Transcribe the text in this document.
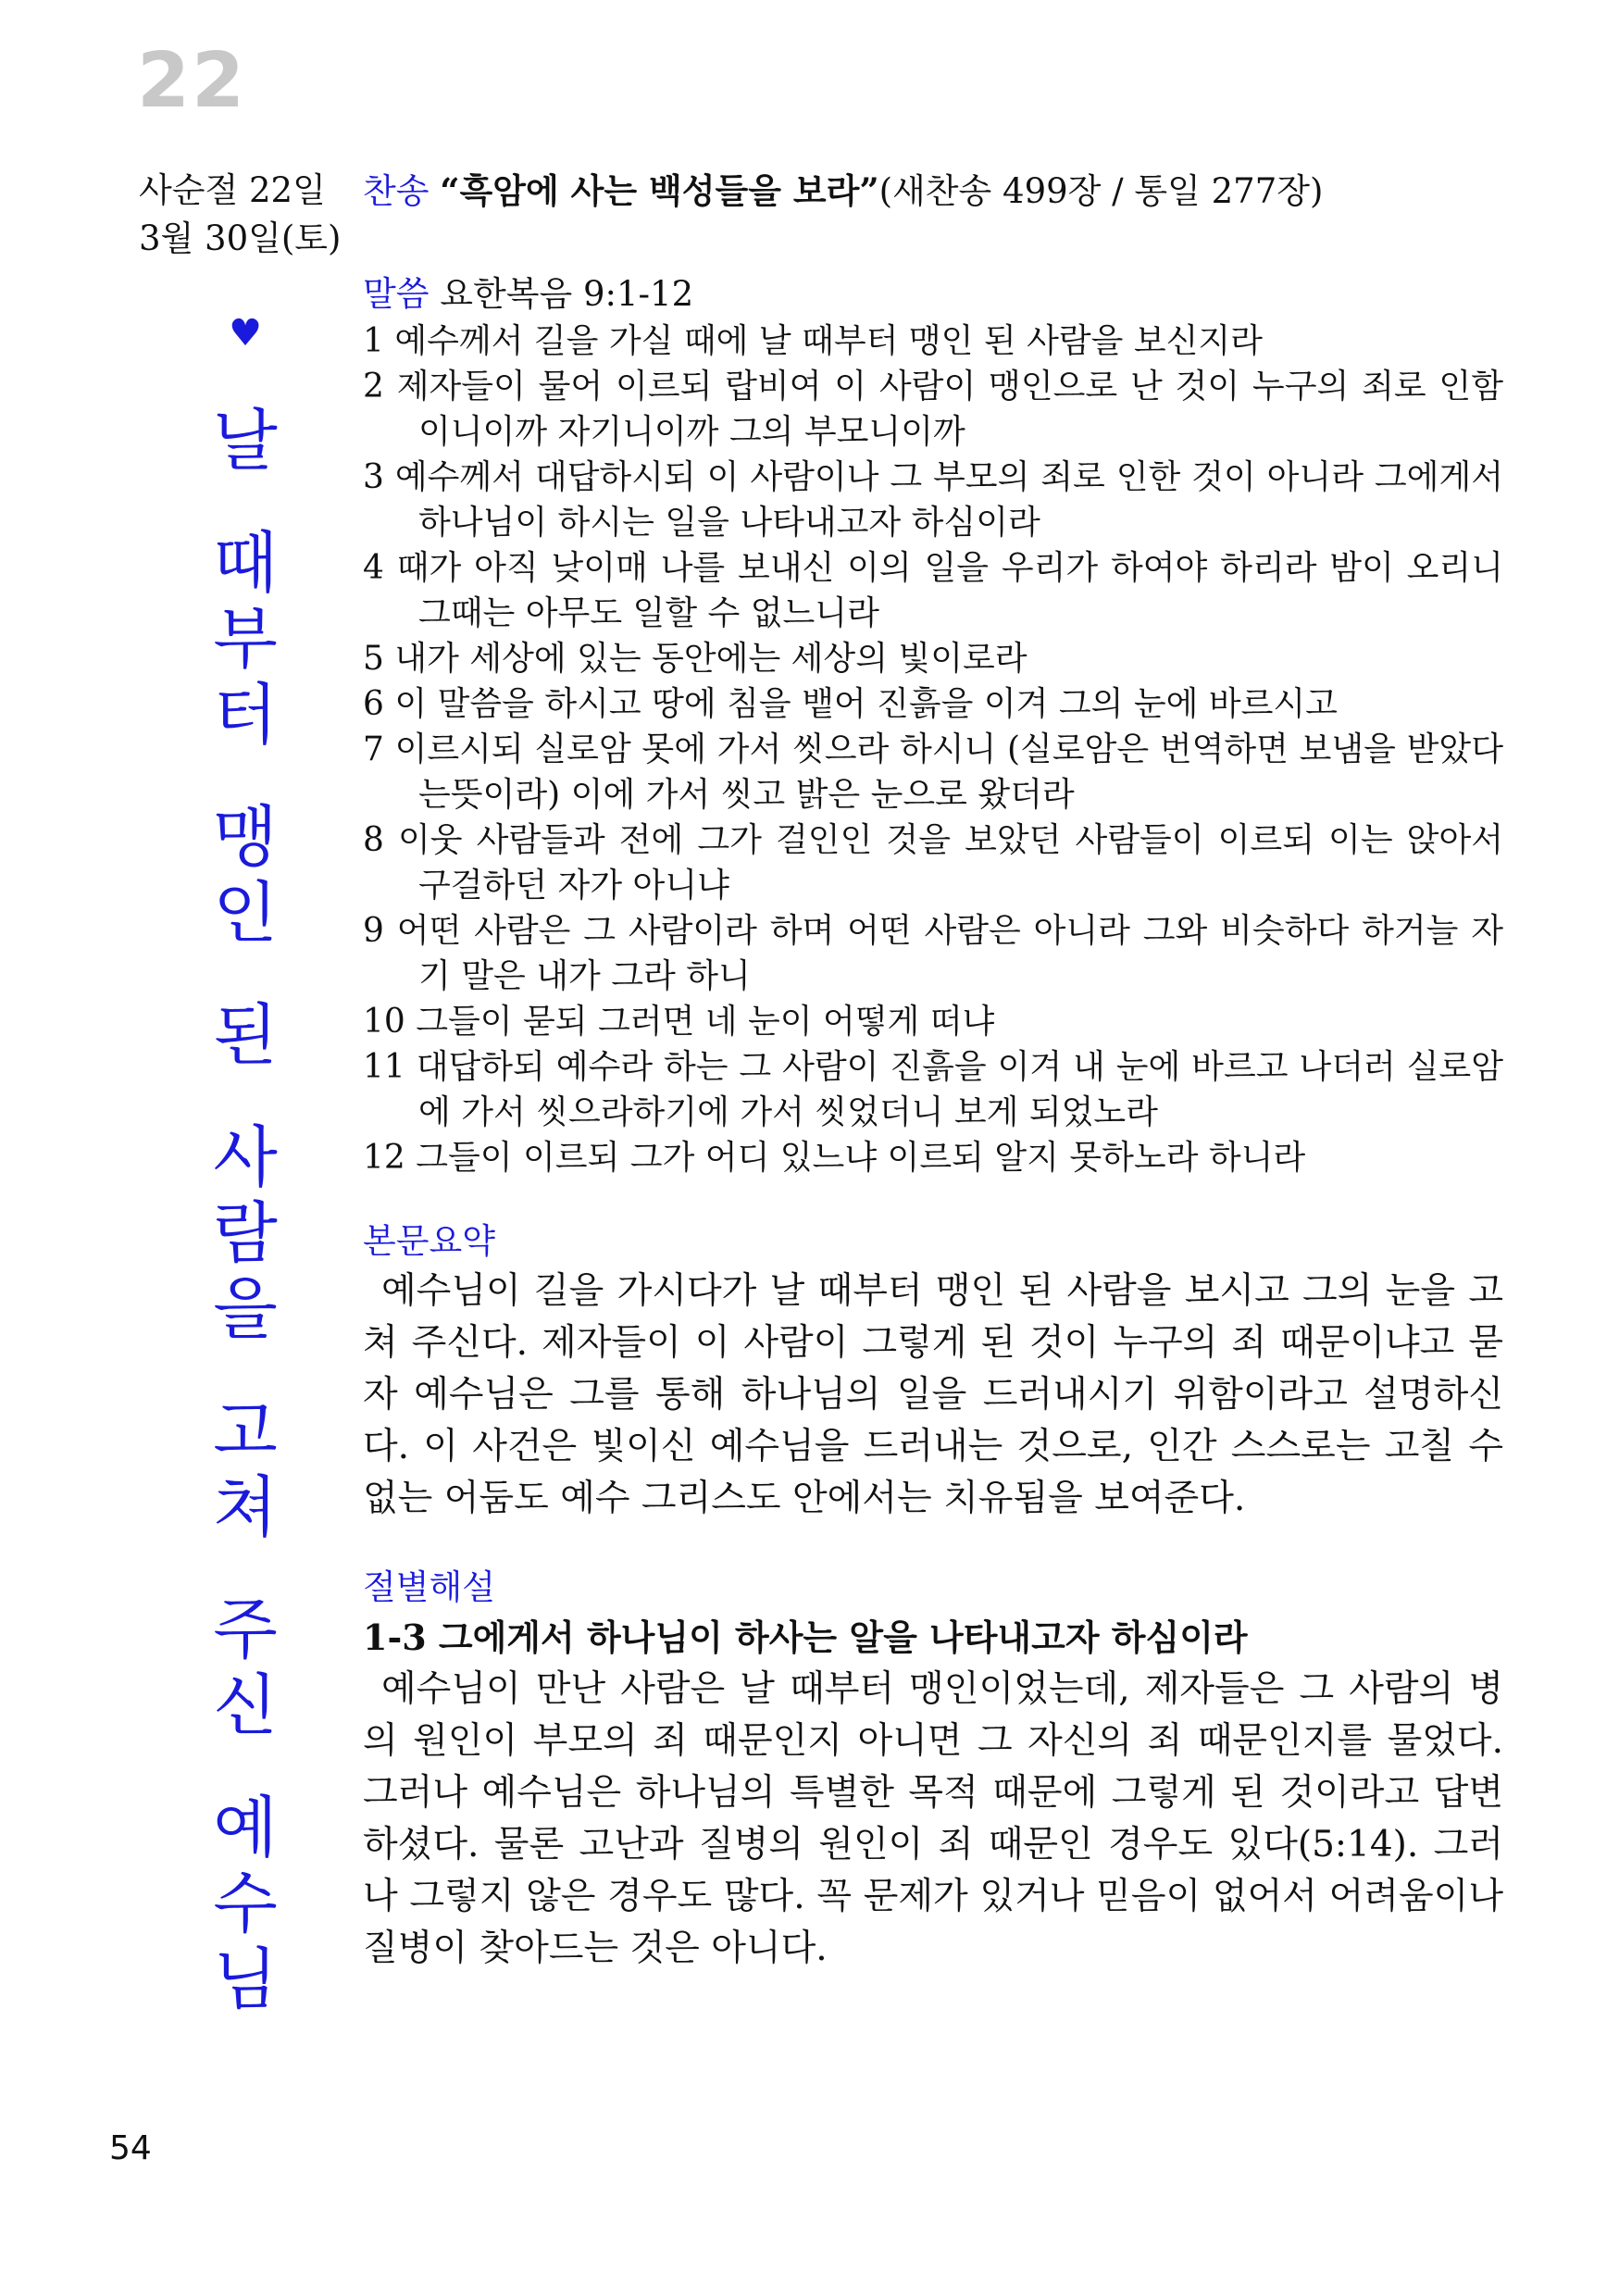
22
사순절 22일
3월 30일(토)
찬송 “흑암에 사는 백성들을 보라”(새찬송 499장 / 통일 277장)
♥
날
때
부
터
맹
인
된
사
람
을
고
쳐
주
신
예
수
님
말씀 요한복음 9:1-12
1 예수께서 길을 가실 때에 날 때부터 맹인 된 사람을 보신지라
2 제자들이 물어 이르되 랍비여 이 사람이 맹인으로 난 것이 누구의 죄로 인함이니이까 자기니이까 그의 부모니이까
3 예수께서 대답하시되 이 사람이나 그 부모의 죄로 인한 것이 아니라 그에게서 하나님이 하시는 일을 나타내고자 하심이라
4 때가 아직 낮이매 나를 보내신 이의 일을 우리가 하여야 하리라 밤이 오리니 그때는 아무도 일할 수 없느니라
5 내가 세상에 있는 동안에는 세상의 빛이로라
6 이 말씀을 하시고 땅에 침을 뱉어 진흙을 이겨 그의 눈에 바르시고
7 이르시되 실로암 못에 가서 씻으라 하시니 (실로암은 번역하면 보냄을 받았다는뜻이라) 이에 가서 씻고 밝은 눈으로 왔더라
8 이웃 사람들과 전에 그가 걸인인 것을 보았던 사람들이 이르되 이는 앉아서 구걸하던 자가 아니냐
9 어떤 사람은 그 사람이라 하며 어떤 사람은 아니라 그와 비슷하다 하거늘 자기 말은 내가 그라 하니
10 그들이 묻되 그러면 네 눈이 어떻게 떠냐
11 대답하되 예수라 하는 그 사람이 진흙을 이겨 내 눈에 바르고 나더러 실로암에 가서 씻으라하기에 가서 씻었더니 보게 되었노라
12 그들이 이르되 그가 어디 있느냐 이르되 알지 못하노라 하니라
본문요약
예수님이 길을 가시다가 날 때부터 맹인 된 사람을 보시고 그의 눈을 고쳐 주신다. 제자들이 이 사람이 그렇게 된 것이 누구의 죄 때문이냐고 묻자 예수님은 그를 통해 하나님의 일을 드러내시기 위함이라고 설명하신다. 이 사건은 빛이신 예수님을 드러내는 것으로, 인간 스스로는 고칠 수 없는 어둠도 예수 그리스도 안에서는 치유됨을 보여준다.
절별해설
1-3 그에게서 하나님이 하사는 알을 나타내고자 하심이라
예수님이 만난 사람은 날 때부터 맹인이었는데, 제자들은 그 사람의 병의 원인이 부모의 죄 때문인지 아니면 그 자신의 죄 때문인지를 물었다. 그러나 예수님은 하나님의 특별한 목적 때문에 그렇게 된 것이라고 답변하셨다. 물론 고난과 질병의 원인이 죄 때문인 경우도 있다(5:14). 그러나 그렇지 않은 경우도 많다. 꼭 문제가 있거나 믿음이 없어서 어려움이나 질병이 찾아드는 것은 아니다.
54
